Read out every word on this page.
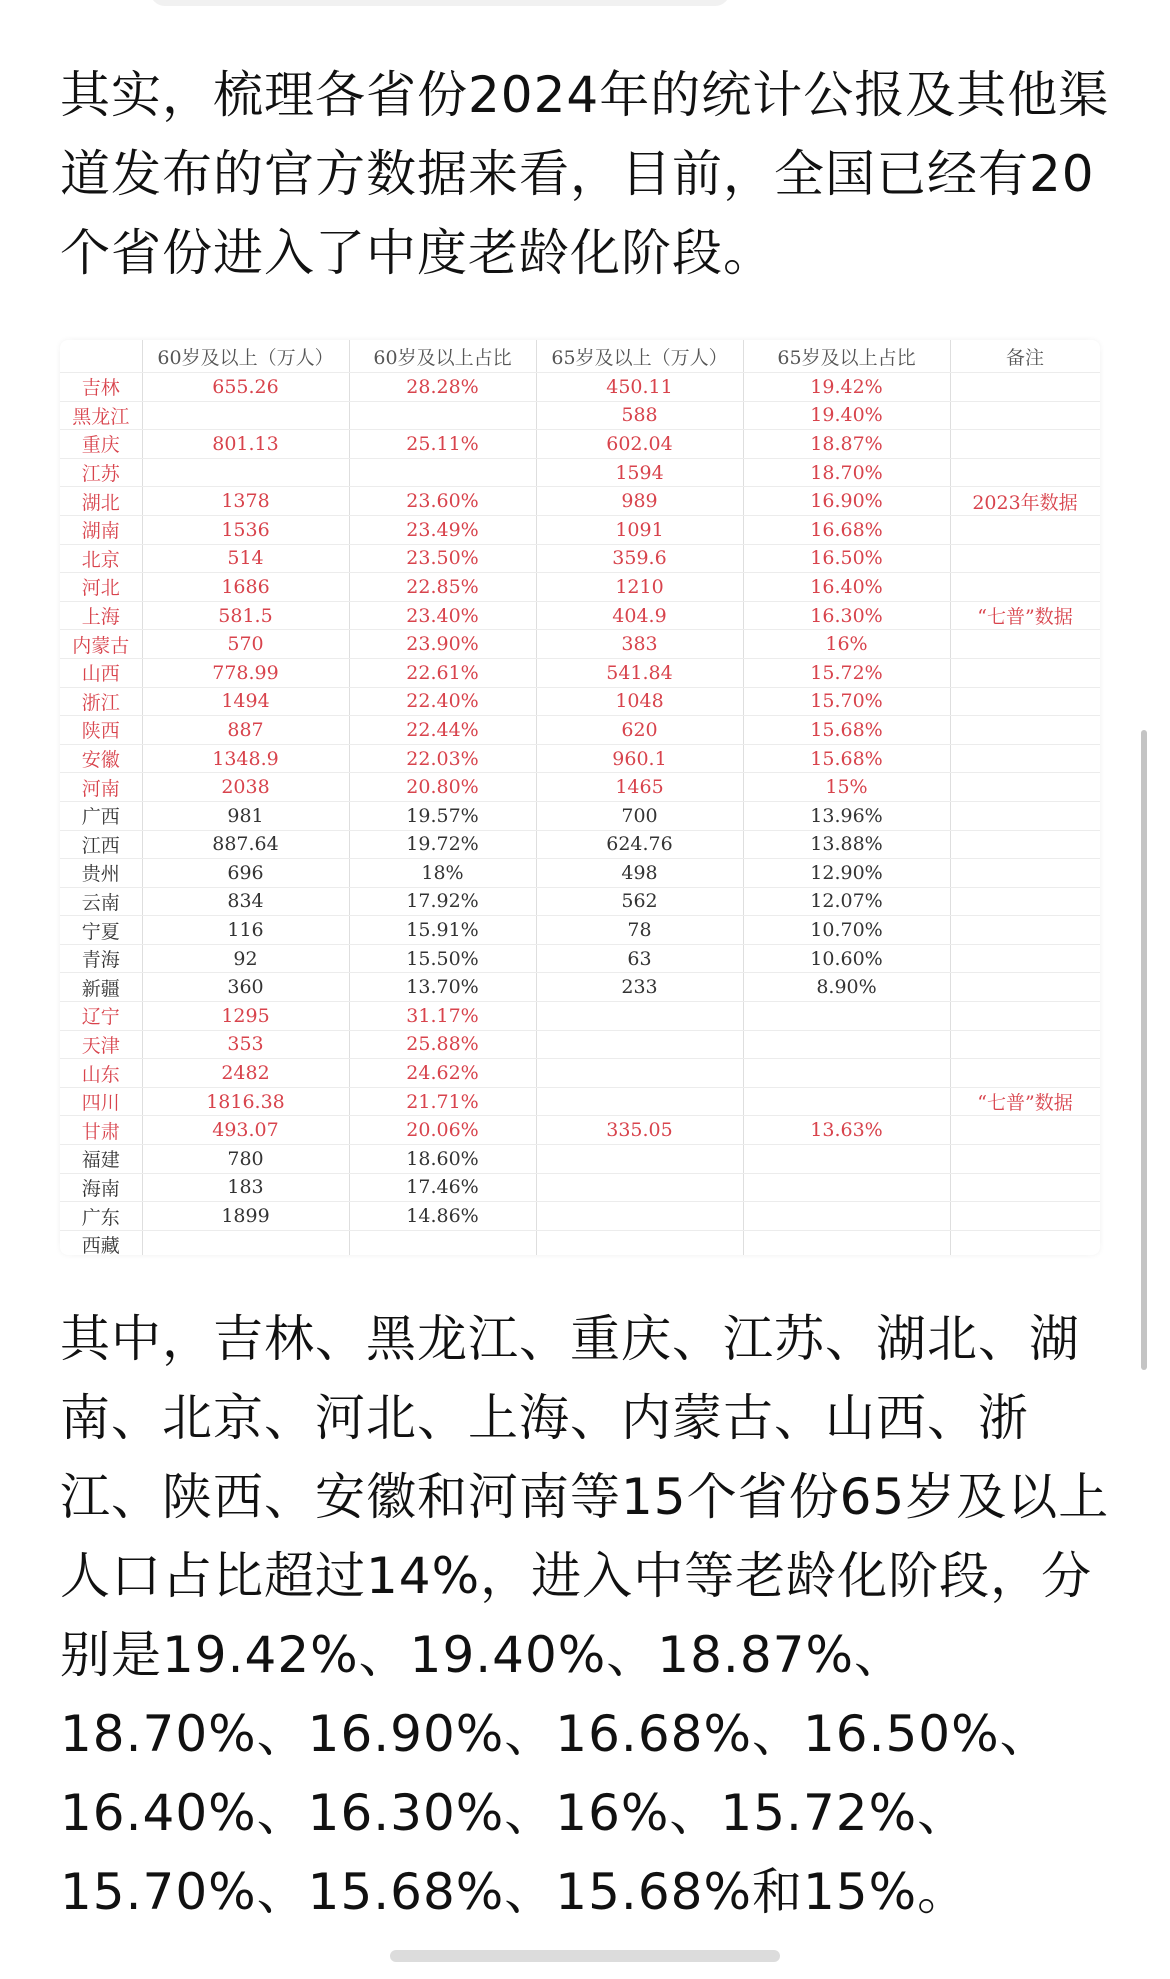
其实，梳理各省份2024年的统计公报及其他渠道发布的官方数据来看，目前，全国已经有20个省份进入了中度老龄化阶段。

	60岁及以上（万人）	60岁及以上占比	65岁及以上（万人）	65岁及以上占比	备注
吉林	655.26	28.28%	450.11	19.42%	
黑龙江			588	19.40%	
重庆	801.13	25.11%	602.04	18.87%	
江苏			1594	18.70%	
湖北	1378	23.60%	989	16.90%	2023年数据
湖南	1536	23.49%	1091	16.68%	
北京	514	23.50%	359.6	16.50%	
河北	1686	22.85%	1210	16.40%	
上海	581.5	23.40%	404.9	16.30%	“七普”数据
内蒙古	570	23.90%	383	16%	
山西	778.99	22.61%	541.84	15.72%	
浙江	1494	22.40%	1048	15.70%	
陕西	887	22.44%	620	15.68%	
安徽	1348.9	22.03%	960.1	15.68%	
河南	2038	20.80%	1465	15%	
广西	981	19.57%	700	13.96%	
江西	887.64	19.72%	624.76	13.88%	
贵州	696	18%	498	12.90%	
云南	834	17.92%	562	12.07%	
宁夏	116	15.91%	78	10.70%	
青海	92	15.50%	63	10.60%	
新疆	360	13.70%	233	8.90%	
辽宁	1295	31.17%			
天津	353	25.88%			
山东	2482	24.62%			
四川	1816.38	21.71%			“七普”数据
甘肃	493.07	20.06%	335.05	13.63%	
福建	780	18.60%			
海南	183	17.46%			
广东	1899	14.86%			
西藏					

其中，吉林、黑龙江、重庆、江苏、湖北、湖南、北京、河北、上海、内蒙古、山西、浙江、陕西、安徽和河南等15个省份65岁及以上人口占比超过14%，进入中等老龄化阶段，分别是19.42%、19.40%、18.87%、18.70%、16.90%、16.68%、16.50%、16.40%、16.30%、16%、15.72%、15.70%、15.68%、15.68%和15%。
